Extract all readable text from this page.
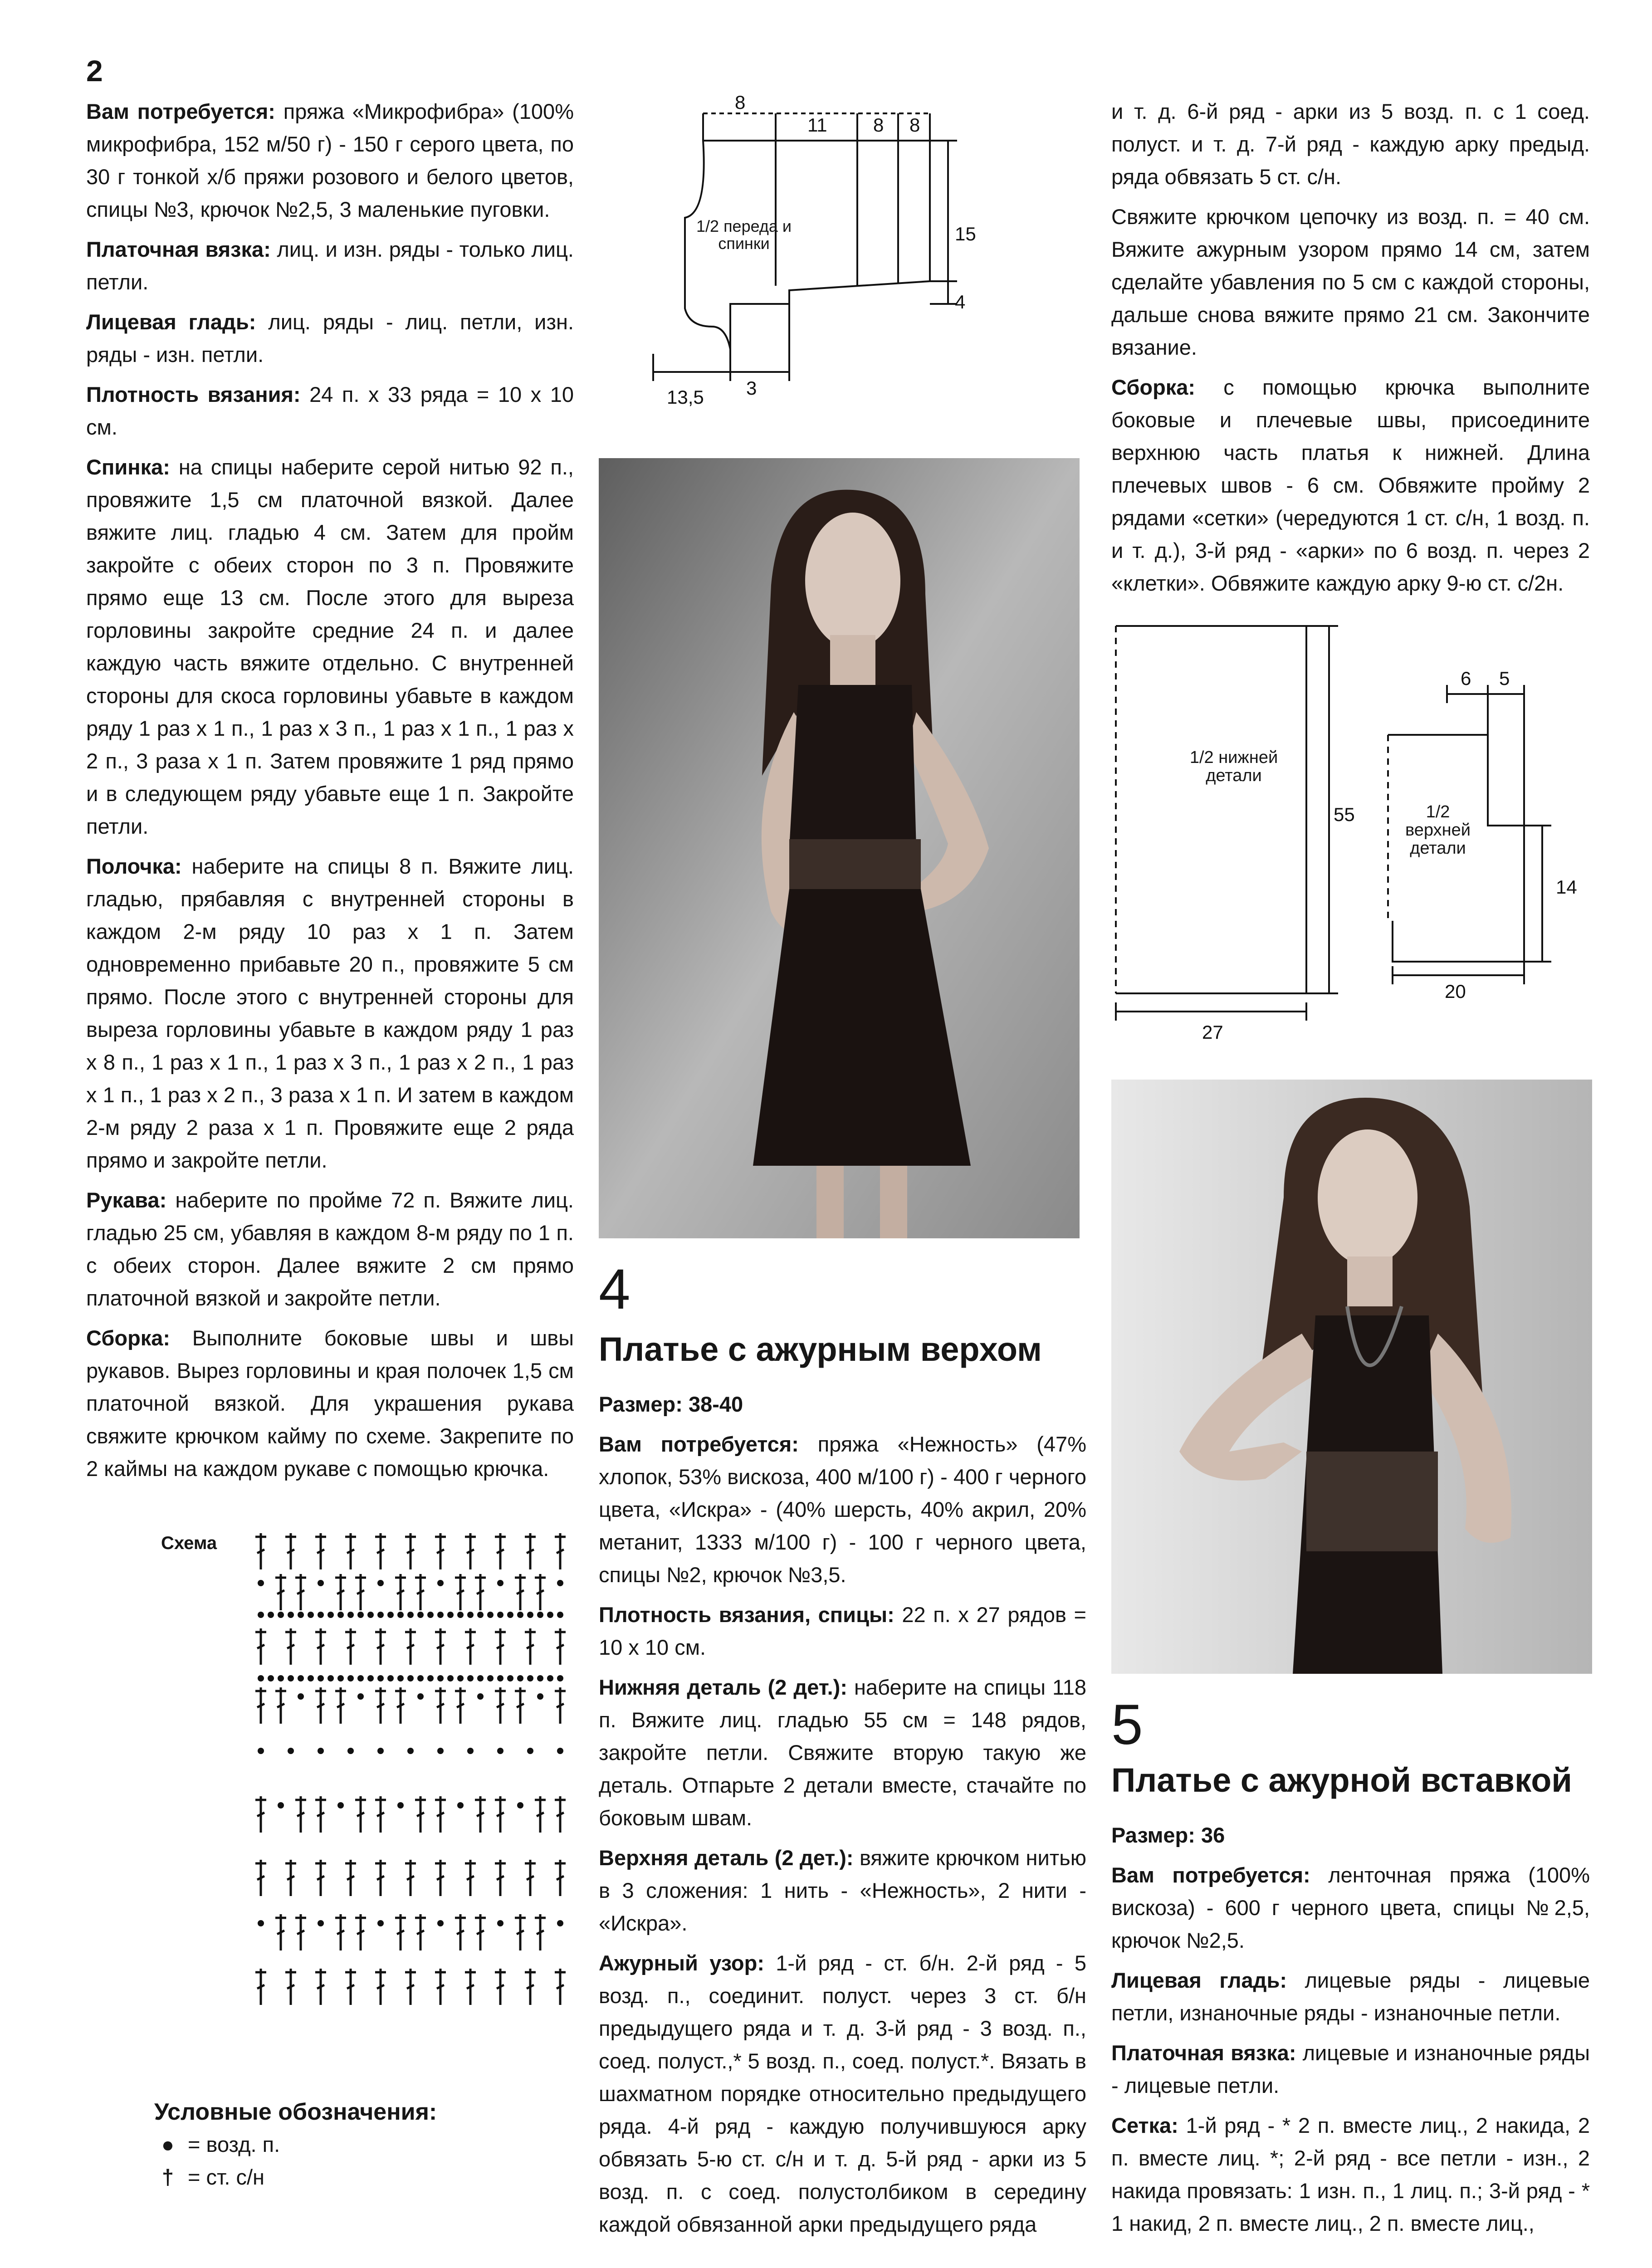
2

Вам потребуется: пряжа «Микрофибра» (100% микрофибра, 152 м/50 г) - 150 г серого цвета, по 30 г тонкой х/б пряжи розового и белого цветов, спицы №3, крючок №2,5, 3 маленькие пуговки.

Платочная вязка: лиц. и изн. ряды - только лиц. петли.

Лицевая гладь: лиц. ряды - лиц. петли, изн. ряды - изн. петли.

Плотность вязания: 24 п. х 33 ряда = 10 х 10 см.

Спинка: на спицы наберите серой нитью 92 п., провяжите 1,5 см платочной вязкой. Далее вяжите лиц. гладью 4 см. Затем для пройм закройте с обеих сторон по 3 п. Провяжите прямо еще 13 см. После этого для выреза горловины закройте средние 24 п. и далее каждую часть вяжите отдельно. С внутренней стороны для скоса горловины убавьте в каждом ряду 1 раз х 1 п., 1 раз х 3 п., 1 раз х 1 п., 1 раз х 2 п., 3 раза х 1 п. Затем провяжите 1 ряд прямо и в следующем ряду убавьте еще 1 п. Закройте петли.

Полочка: наберите на спицы 8 п. Вяжите лиц. гладью, прябавляя с внутренней стороны в каждом 2-м ряду 10 раз х 1 п. Затем одновременно прибавьте 20 п., провяжите 5 см прямо. После этого с внутренней стороны для выреза горловины убавьте в каждом ряду 1 раз х 8 п., 1 раз х 1 п., 1 раз х 3 п., 1 раз х 2 п., 1 раз х 1 п., 1 раз х 2 п., 3 раза х 1 п. И затем в каждом 2-м ряду 2 раза х 1 п. Провяжите еще 2 ряда прямо и закройте петли.

Рукава: наберите по пройме 72 п. Вяжите лиц. гладью 25 см, убавляя в каждом 8-м ряду по 1 п. с обеих сторон. Далее вяжите 2 см прямо платочной вязкой и закройте петли.

Сборка: Выполните боковые швы и швы рукавов. Вырез горловины и края полочек 1,5 см платочной вязкой. Для украшения рукава свяжите крючком кайму по схеме. Закрепите по 2 каймы на каждом рукаве с помощью крючка.

Схема
Условные обозначения:
● = возд. п.
† = ст. с/н
8
11 8 8
15
4
13,5 3
1/2 переда и спинки
4
Платье с ажурным верхом

Размер: 38-40

Вам потребуется: пряжа «Нежность» (47% хлопок, 53% вискоза, 400 м/100 г) - 400 г черного цвета, «Искра» - (40% шерсть, 40% акрил, 20% метанит, 1333 м/100 г) - 100 г черного цвета, спицы №2, крючок №3,5.

Плотность вязания, спицы: 22 п. х 27 рядов = 10 х 10 см.

Нижняя деталь (2 дет.): наберите на спицы 118 п. Вяжите лиц. гладью 55 см = 148 рядов, закройте петли. Свяжите вторую такую же деталь. Отпарьте 2 детали вместе, стачайте по боковым швам.

Верхняя деталь (2 дет.): вяжите крючком нитью в 3 сложения: 1 нить - «Нежность», 2 нити - «Искра».

Ажурный узор: 1-й ряд - ст. б/н. 2-й ряд - 5 возд. п., соединит. полуст. через 3 ст. б/н предыдущего ряда и т. д. 3-й ряд - 3 возд. п., соед. полуст.,* 5 возд. п., соед. полуст.*. Вязать в шахматном порядке относительно предыдущего ряда. 4-й ряд - каждую получившуюся арку обвязать 5-ю ст. с/н и т. д. 5-й ряд - арки из 5 возд. п. с соед. полустолбиком в середину каждой обвязанной арки предыдущего ряда

и т. д. 6-й ряд - арки из 5 возд. п. с 1 соед. полуст. и т. д. 7-й ряд - каждую арку предыд. ряда обвязать 5 ст. с/н.

Свяжите крючком цепочку из возд. п. = 40 см. Вяжите ажурным узором прямо 14 см, затем сделайте убавления по 5 см с каждой стороны, дальше снова вяжите прямо 21 см. Закончите вязание.

Сборка: с помощью крючка выполните боковые и плечевые швы, присоедините верхнюю часть платья к нижней. Длина плечевых швов - 6 см. Обвяжите пройму 2 рядами «сетки» (чередуются 1 ст. с/н, 1 возд. п. и т. д.), 3-й ряд - «арки» по 6 возд. п. через 2 «клетки». Обвяжите каждую арку 9-ю ст. с/2н.

6 5
55
14
20
27
1/2 нижней детали
1/2 верхней детали
5
Платье с ажурной вставкой

Размер: 36

Вам потребуется: ленточная пряжа (100% вискоза) - 600 г черного цвета, спицы №2,5, крючок №2,5.

Лицевая гладь: лицевые ряды - лицевые петли, изнаночные ряды - изнаночные петли.

Платочная вязка: лицевые и изнаночные ряды - лицевые петли.

Сетка: 1-й ряд - * 2 п. вместе лиц., 2 накида, 2 п. вместе лиц. *; 2-й ряд - все петли - изн., 2 накида провязать: 1 изн. п., 1 лиц. п.; 3-й ряд - * 1 накид, 2 п. вместе лиц., 2 п. вместе лиц.,
